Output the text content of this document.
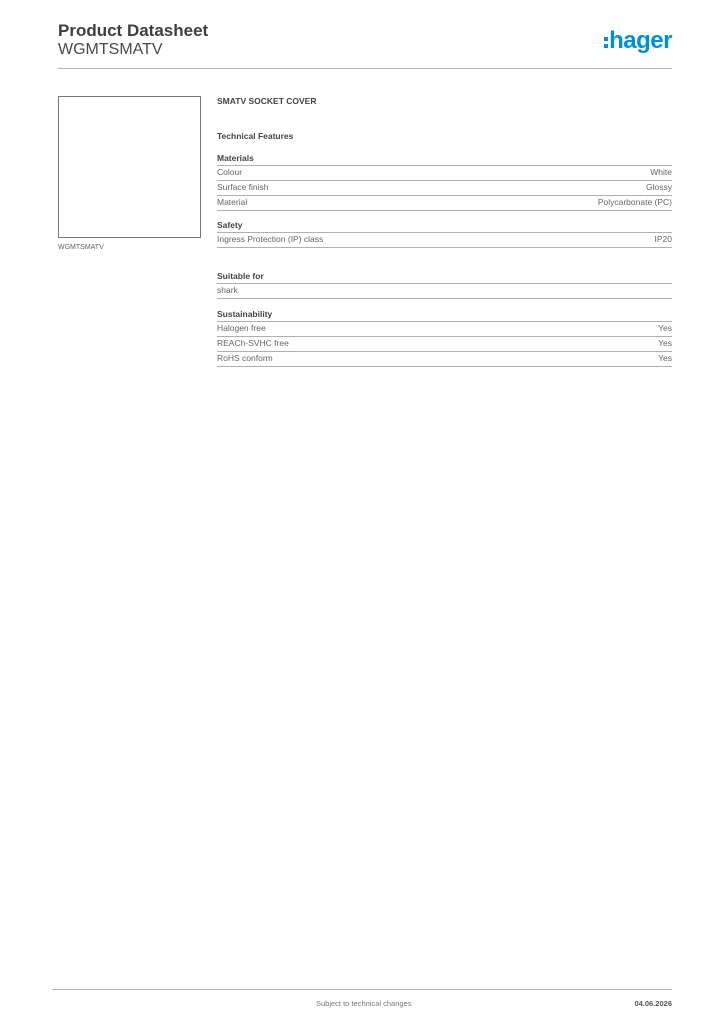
Product Datasheet
WGMTSMATV	hager
WGMTSMATV
SMATV SOCKET COVER
Technical Features
Materials
Colour	White
Surface finish	Glossy
Material	Polycarbonate (PC)
Safety
Ingress Protection (IP) class	IP20
Suitable for
shark
Sustainability
Halogen free	Yes
REACh-SVHC free	Yes
RoHS conform	Yes
Subject to technical changes	04.06.2026
